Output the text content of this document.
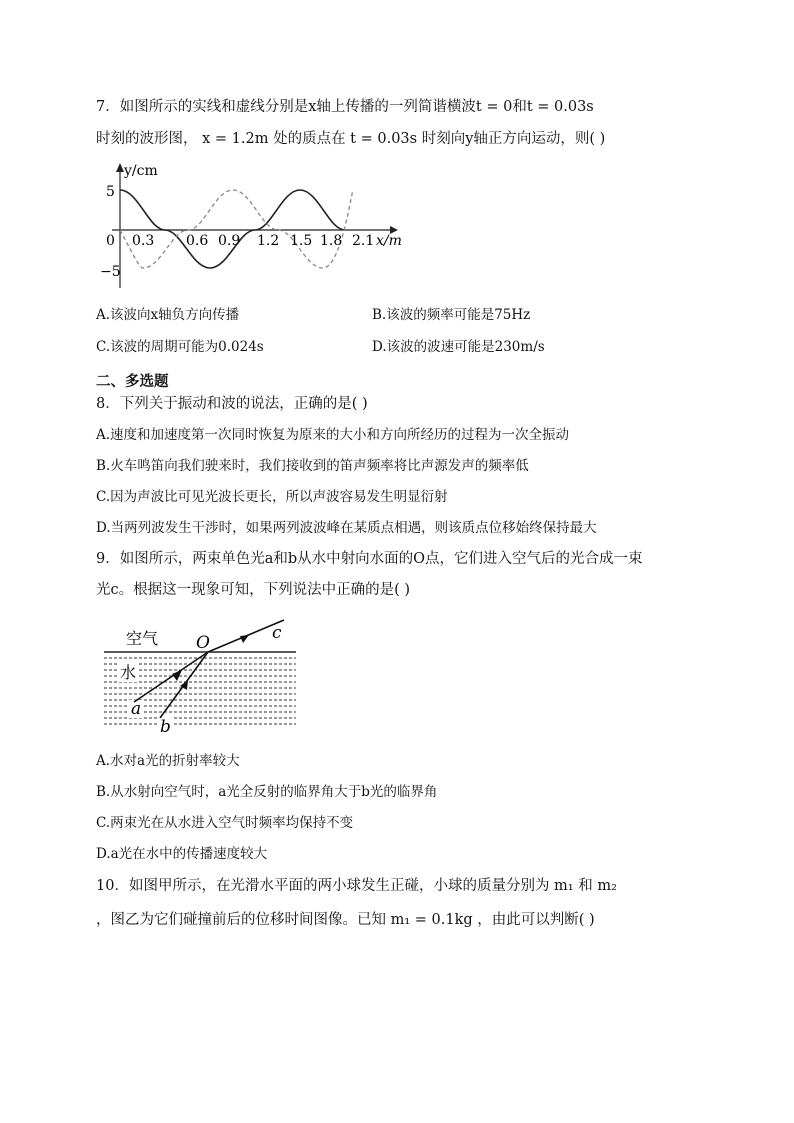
7．如图所示的实线和虚线分别是x轴上传播的一列简谐横波t = 0和t = 0.03s
时刻的波形图， x = 1.2m 处的质点在 t = 0.03s 时刻向y轴正方向运动，则( )
y/cm
5
−5
0 0.3 0.6 0.9 1.2 1.5 1.8 2.1 x/m
A.该波向x轴负方向传播	B.该波的频率可能是75Hz
C.该波的周期可能为0.024s	D.该波的波速可能是230m/s
二、多选题
8．下列关于振动和波的说法，正确的是( )
A.速度和加速度第一次同时恢复为原来的大小和方向所经历的过程为一次全振动
B.火车鸣笛向我们驶来时，我们接收到的笛声频率将比声源发声的频率低
C.因为声波比可见光波长更长，所以声波容易发生明显衍射
D.当两列波发生干涉时，如果两列波波峰在某质点相遇，则该质点位移始终保持最大
9．如图所示，两束单色光a和b从水中射向水面的O点，它们进入空气后的光合成一束
光c。根据这一现象可知，下列说法中正确的是( )
空气
水
O	c
a
b
A.水对a光的折射率较大
B.从水射向空气时，a光全反射的临界角大于b光的临界角
C.两束光在从水进入空气时频率均保持不变
D.a光在水中的传播速度较大
10．如图甲所示，在光滑水平面的两小球发生正碰，小球的质量分别为 m₁ 和 m₂
，图乙为它们碰撞前后的位移时间图像。已知 m₁ = 0.1kg ，由此可以判断( )
